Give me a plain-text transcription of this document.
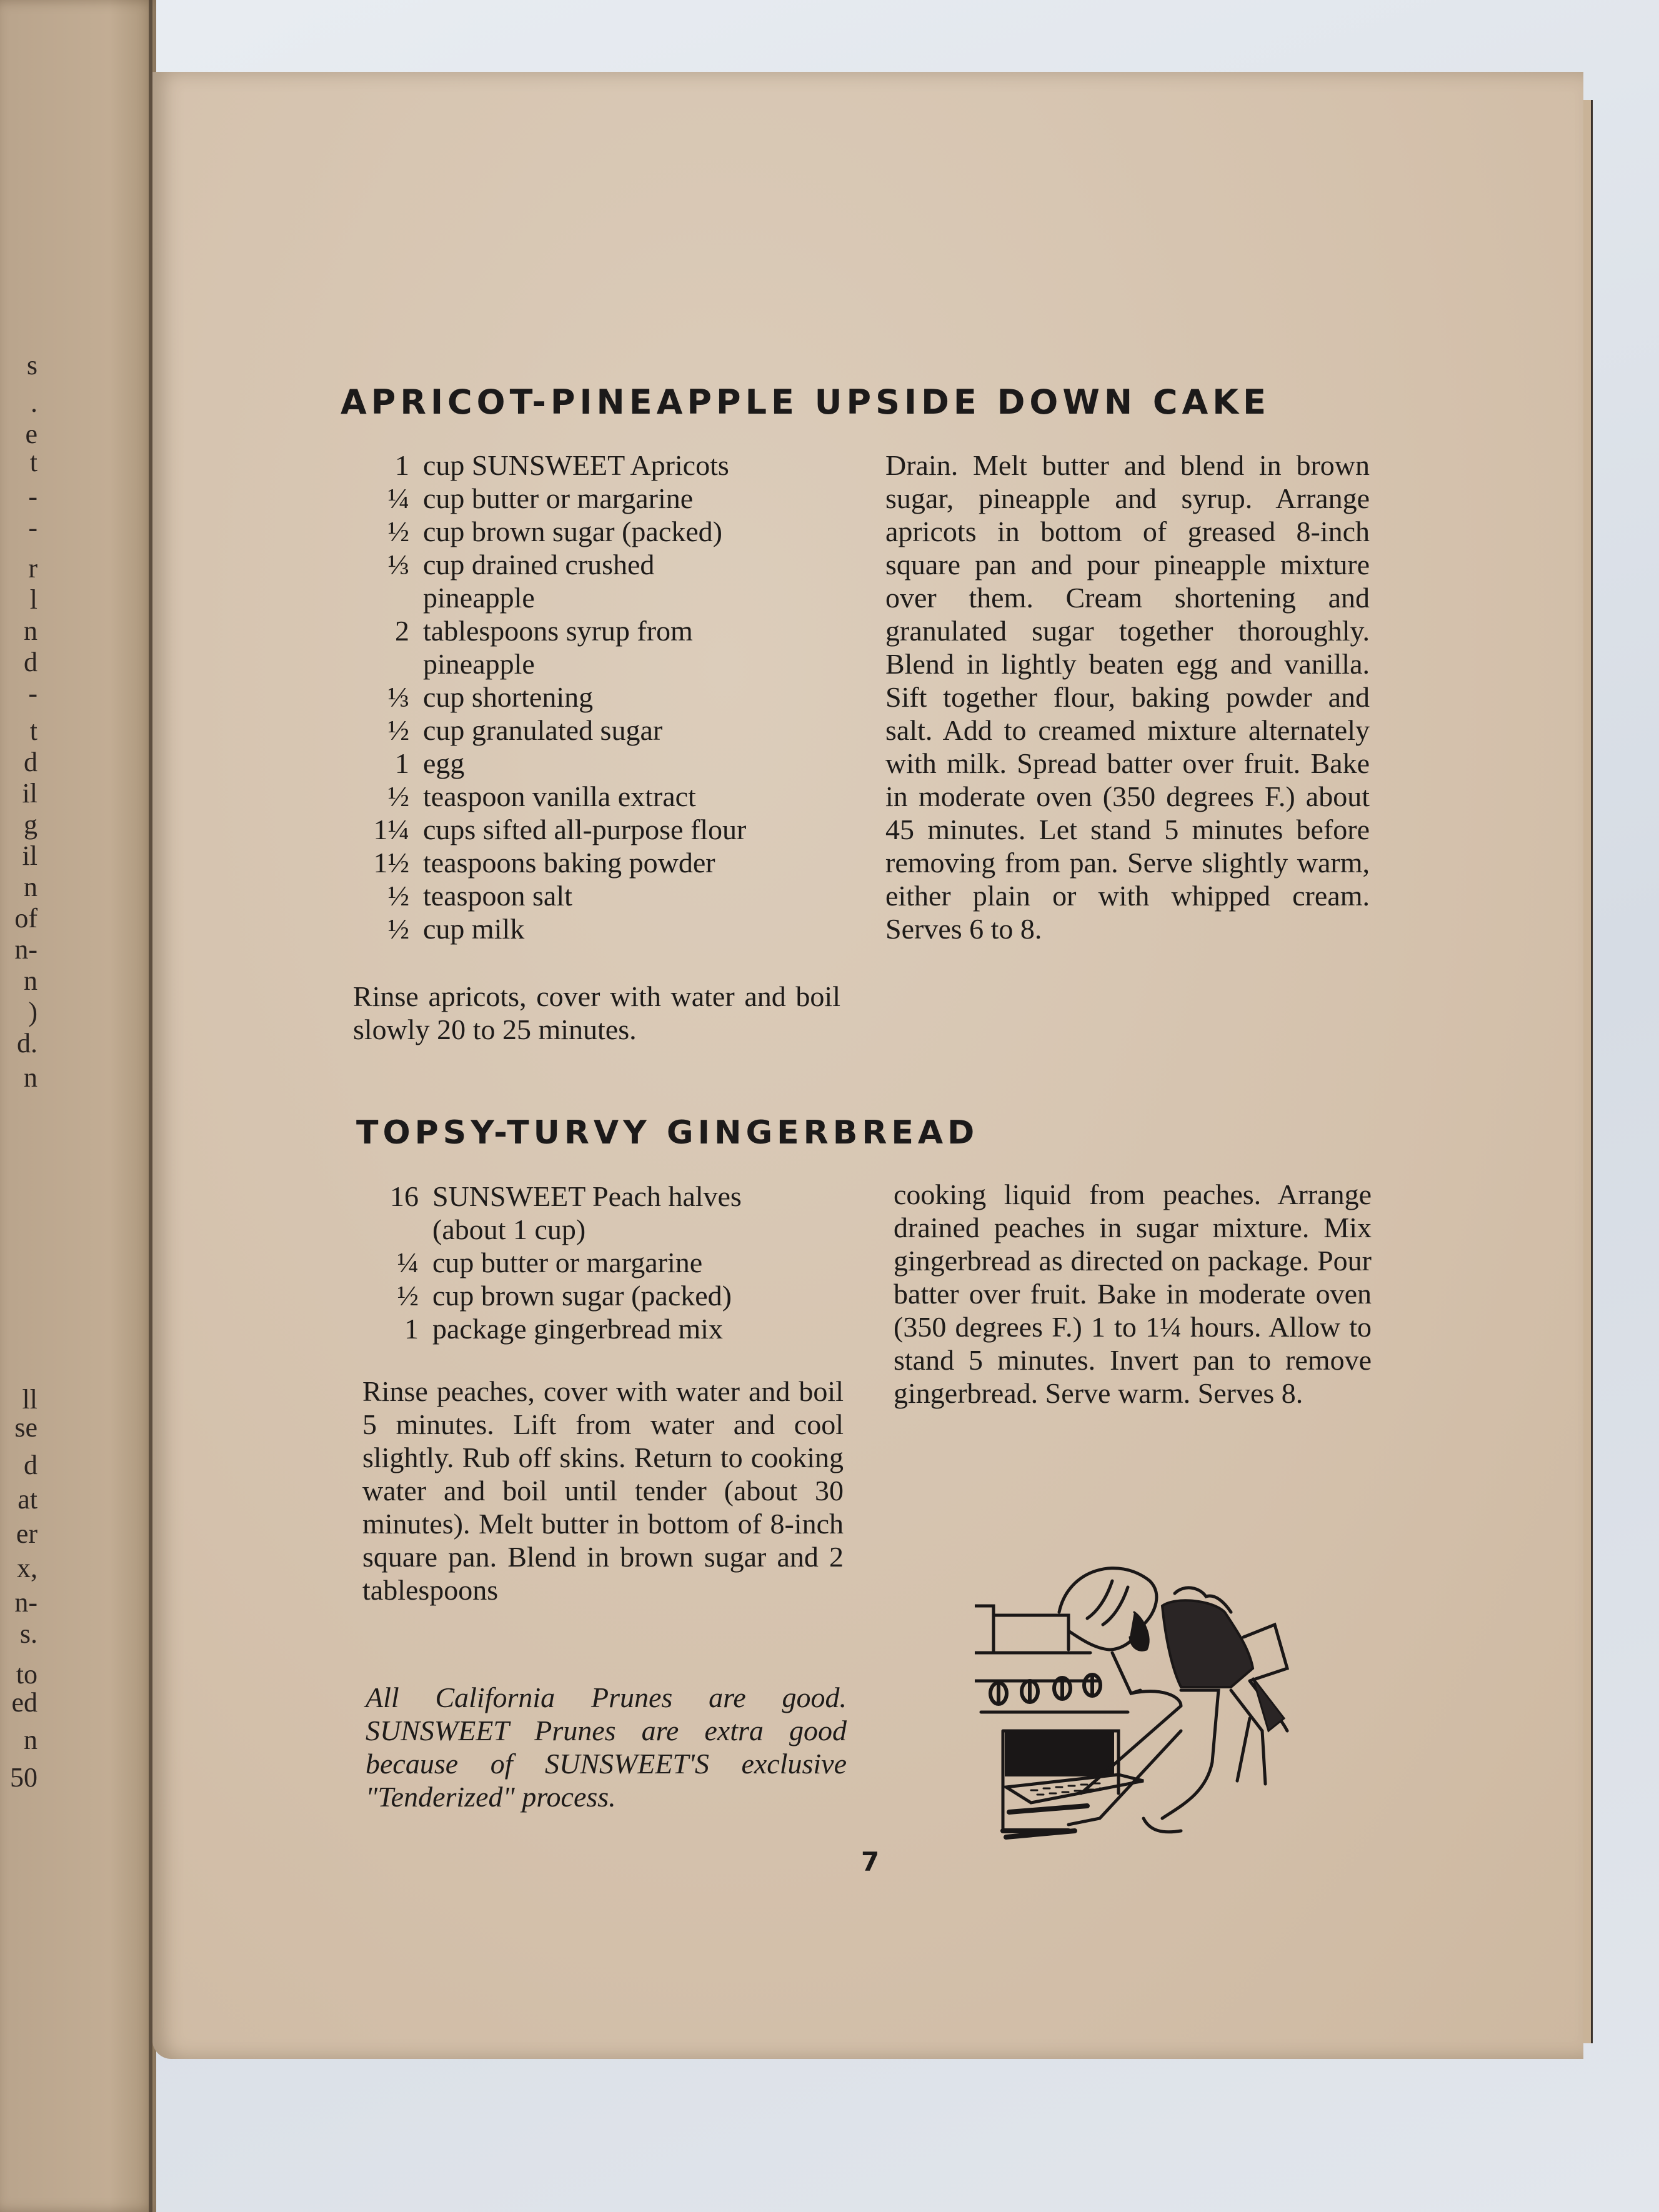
s
.
e
t
-
-
r
l
n
d
-
t
d
il
g
il
n
of
n-
n
)
d.
n
ll
se
d
at
er
x,
n-
s.
to
ed
n
50
APRICOT-PINEAPPLE UPSIDE DOWN CAKE
1 cup SUNSWEET Apricots
¼ cup butter or margarine
½ cup brown sugar (packed)
⅓ cup drained crushed
pineapple
2 tablespoons syrup from
pineapple
⅓ cup shortening
½ cup granulated sugar
1 egg
½ teaspoon vanilla extract
1¼ cups sifted all-purpose flour
1½ teaspoons baking powder
½ teaspoon salt
½ cup milk
Rinse apricots, cover with water and boil slowly 20 to 25 minutes.
Drain. Melt butter and blend in brown sugar, pineapple and syrup. Arrange apricots in bottom of greased 8-inch square pan and pour pineapple mixture over them. Cream shortening and granulated sugar together thoroughly. Blend in lightly beaten egg and vanilla. Sift together flour, baking powder and salt. Add to creamed mixture alternately with milk. Spread batter over fruit. Bake in moderate oven (350 degrees F.) about 45 minutes. Let stand 5 minutes before removing from pan. Serve slightly warm, either plain or with whipped cream. Serves 6 to 8.
TOPSY-TURVY GINGERBREAD
16 SUNSWEET Peach halves
(about 1 cup)
¼ cup butter or margarine
½ cup brown sugar (packed)
1 package gingerbread mix
Rinse peaches, cover with water and boil 5 minutes. Lift from water and cool slightly. Rub off skins. Return to cooking water and boil until tender (about 30 minutes). Melt butter in bottom of 8-inch square pan. Blend in brown sugar and 2 tablespoons
cooking liquid from peaches. Arrange drained peaches in sugar mixture. Mix gingerbread as directed on package. Pour batter over fruit. Bake in moderate oven (350 degrees F.) 1 to 1¼ hours. Allow to stand 5 minutes. Invert pan to remove gingerbread. Serve warm. Serves 8.
All California Prunes are good. SUNSWEET Prunes are extra good because of SUNSWEET'S exclusive "Tenderized" process.
7
